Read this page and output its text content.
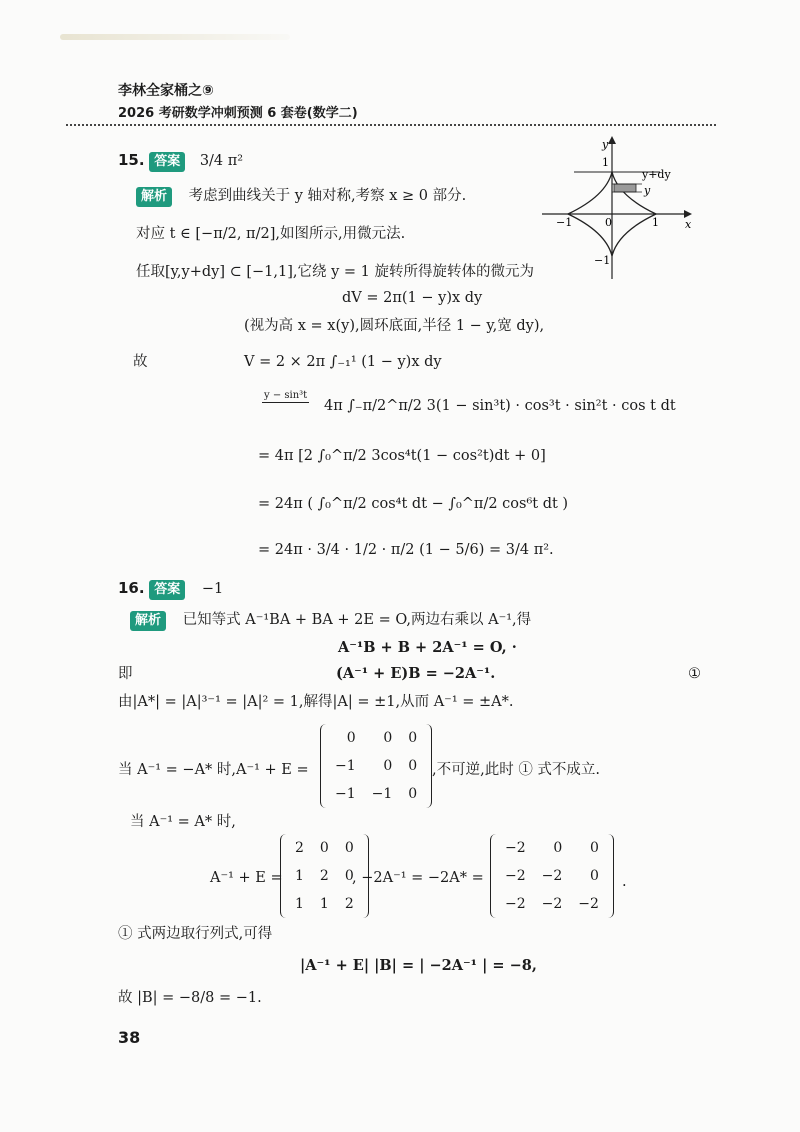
李林全家桶之⑨
2026 考研数学冲刺预测 6 套卷(数学二)
15. 答案 3/4 π²
解析 考虑到曲线关于 y 轴对称,考察 x ≥ 0 部分.
对应 t ∈ [−π/2, π/2],如图所示,用微元法.
任取[y,y+dy] ⊂ [−1,1],它绕 y = 1 旋转所得旋转体的微元为
dV = 2π(1 − y)x dy
(视为高 x = x(y),圆环底面,半径 1 − y,宽 dy),
故	V = 2 × 2π ∫₋₁¹ (1 − y)x dy
y − sin³t
4π ∫₋π/2^π/2 3(1 − sin³t) · cos³t · sin²t · cos t dt
= 4π [2 ∫₀^π/2 3cos⁴t(1 − cos²t)dt + 0]
= 24π ( ∫₀^π/2 cos⁴t dt − ∫₀^π/2 cos⁶t dt )
= 24π · 3/4 · 1/2 · π/2 (1 − 5/6) = 3/4 π².
y
x
y+dy
y
1
−1	0	1
−1
16. 答案 −1
解析 已知等式 A⁻¹BA + BA + 2E = O,两边右乘以 A⁻¹,得
A⁻¹B + B + 2A⁻¹ = O, ·
即	(A⁻¹ + E)B = −2A⁻¹.	①
由|A*| = |A|³⁻¹ = |A|² = 1,解得|A| = ±1,从而 A⁻¹ = ±A*.
当 A⁻¹ = −A* 时,A⁻¹ + E =
0	0	0
−1	0	0
−1	−1	0
,不可逆,此时 ① 式不成立.
当 A⁻¹ = A* 时,
A⁻¹ + E =
2	0	0
1	2	0
1	1	2
, −2A⁻¹ = −2A* =
−2	0	0
−2	−2	0
−2	−2	−2
.
① 式两边取行列式,可得
|A⁻¹ + E| |B| = | −2A⁻¹ | = −8,
故 |B| = −8/8 = −1.
38
